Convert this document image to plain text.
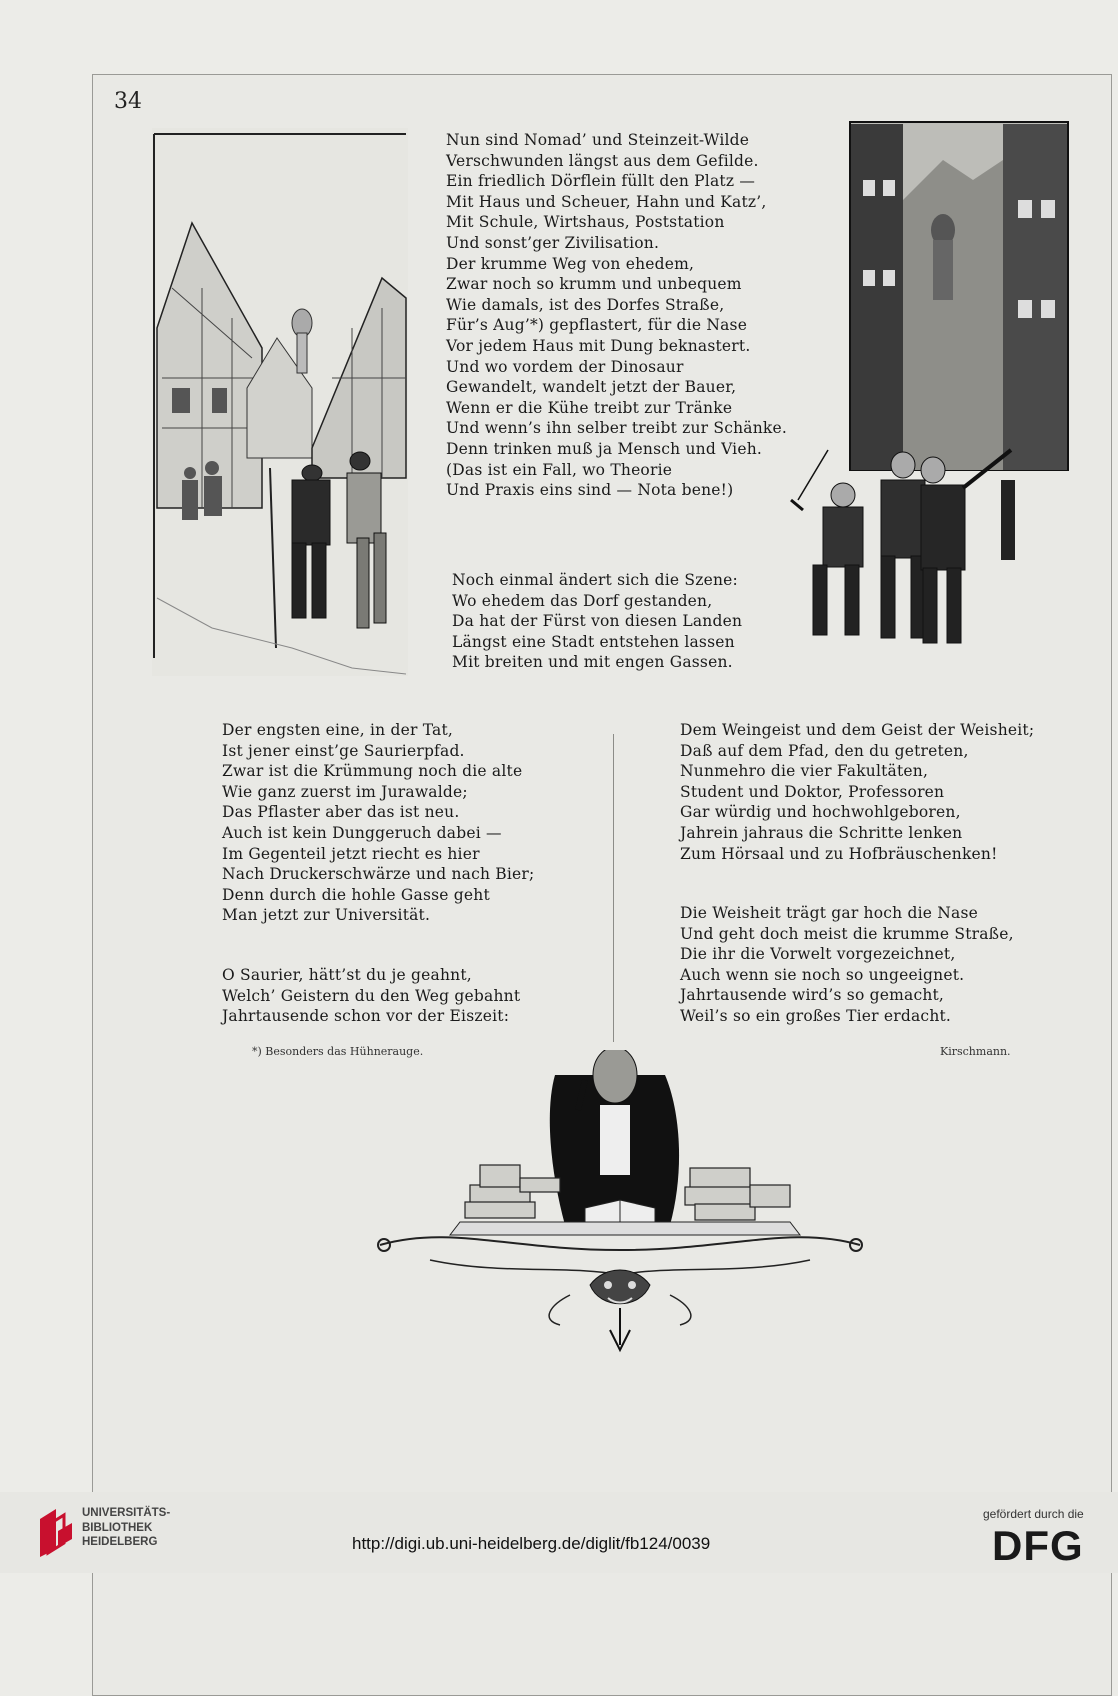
34
Nun sind Nomad’ und Steinzeit-Wilde
Verschwunden längst aus dem Gefilde.
Ein friedlich Dörflein füllt den Platz —
Mit Haus und Scheuer, Hahn und Katz’,
Mit Schule, Wirtshaus, Poststation
Und sonst’ger Zivilisation.
Der krumme Weg von ehedem,
Zwar noch so krumm und unbequem
Wie damals, ist des Dorfes Straße,
Für’s Aug’*) gepflastert, für die Nase
Vor jedem Haus mit Dung beknastert.
Und wo vordem der Dinosaur
Gewandelt, wandelt jetzt der Bauer,
Wenn er die Kühe treibt zur Tränke
Und wenn’s ihn selber treibt zur Schänke.
Denn trinken muß ja Mensch und Vieh.
(Das ist ein Fall, wo Theorie
Und Praxis eins sind — Nota bene!)
Noch einmal ändert sich die Szene:
Wo ehedem das Dorf gestanden,
Da hat der Fürst von diesen Landen
Längst eine Stadt entstehen lassen
Mit breiten und mit engen Gassen.
Der engsten eine, in der Tat,
Ist jener einst’ge Saurierpfad.
Zwar ist die Krümmung noch die alte
Wie ganz zuerst im Jurawalde;
Das Pflaster aber das ist neu.
Auch ist kein Dunggeruch dabei —
Im Gegenteil jetzt riecht es hier
Nach Druckerschwärze und nach Bier;
Denn durch die hohle Gasse geht
Man jetzt zur Universität.
O Saurier, hätt’st du je geahnt,
Welch’ Geistern du den Weg gebahnt
Jahrtausende schon vor der Eiszeit:
Dem Weingeist und dem Geist der Weisheit;
Daß auf dem Pfad, den du getreten,
Nunmehro die vier Fakultäten,
Student und Doktor, Professoren
Gar würdig und hochwohlgeboren,
Jahrein jahraus die Schritte lenken
Zum Hörsaal und zu Hofbräuschenken!
Die Weisheit trägt gar hoch die Nase
Und geht doch meist die krumme Straße,
Die ihr die Vorwelt vorgezeichnet,
Auch wenn sie noch so ungeeignet.
Jahrtausende wird’s so gemacht,
Weil’s so ein großes Tier erdacht.
*) Besonders das Hühnerauge.	Kirschmann.
UNIVERSITÄTS-
BIBLIOTHEK
HEIDELBERG	http://digi.ub.uni-heidelberg.de/diglit/fb124/0039
gefördert durch die
DFG
